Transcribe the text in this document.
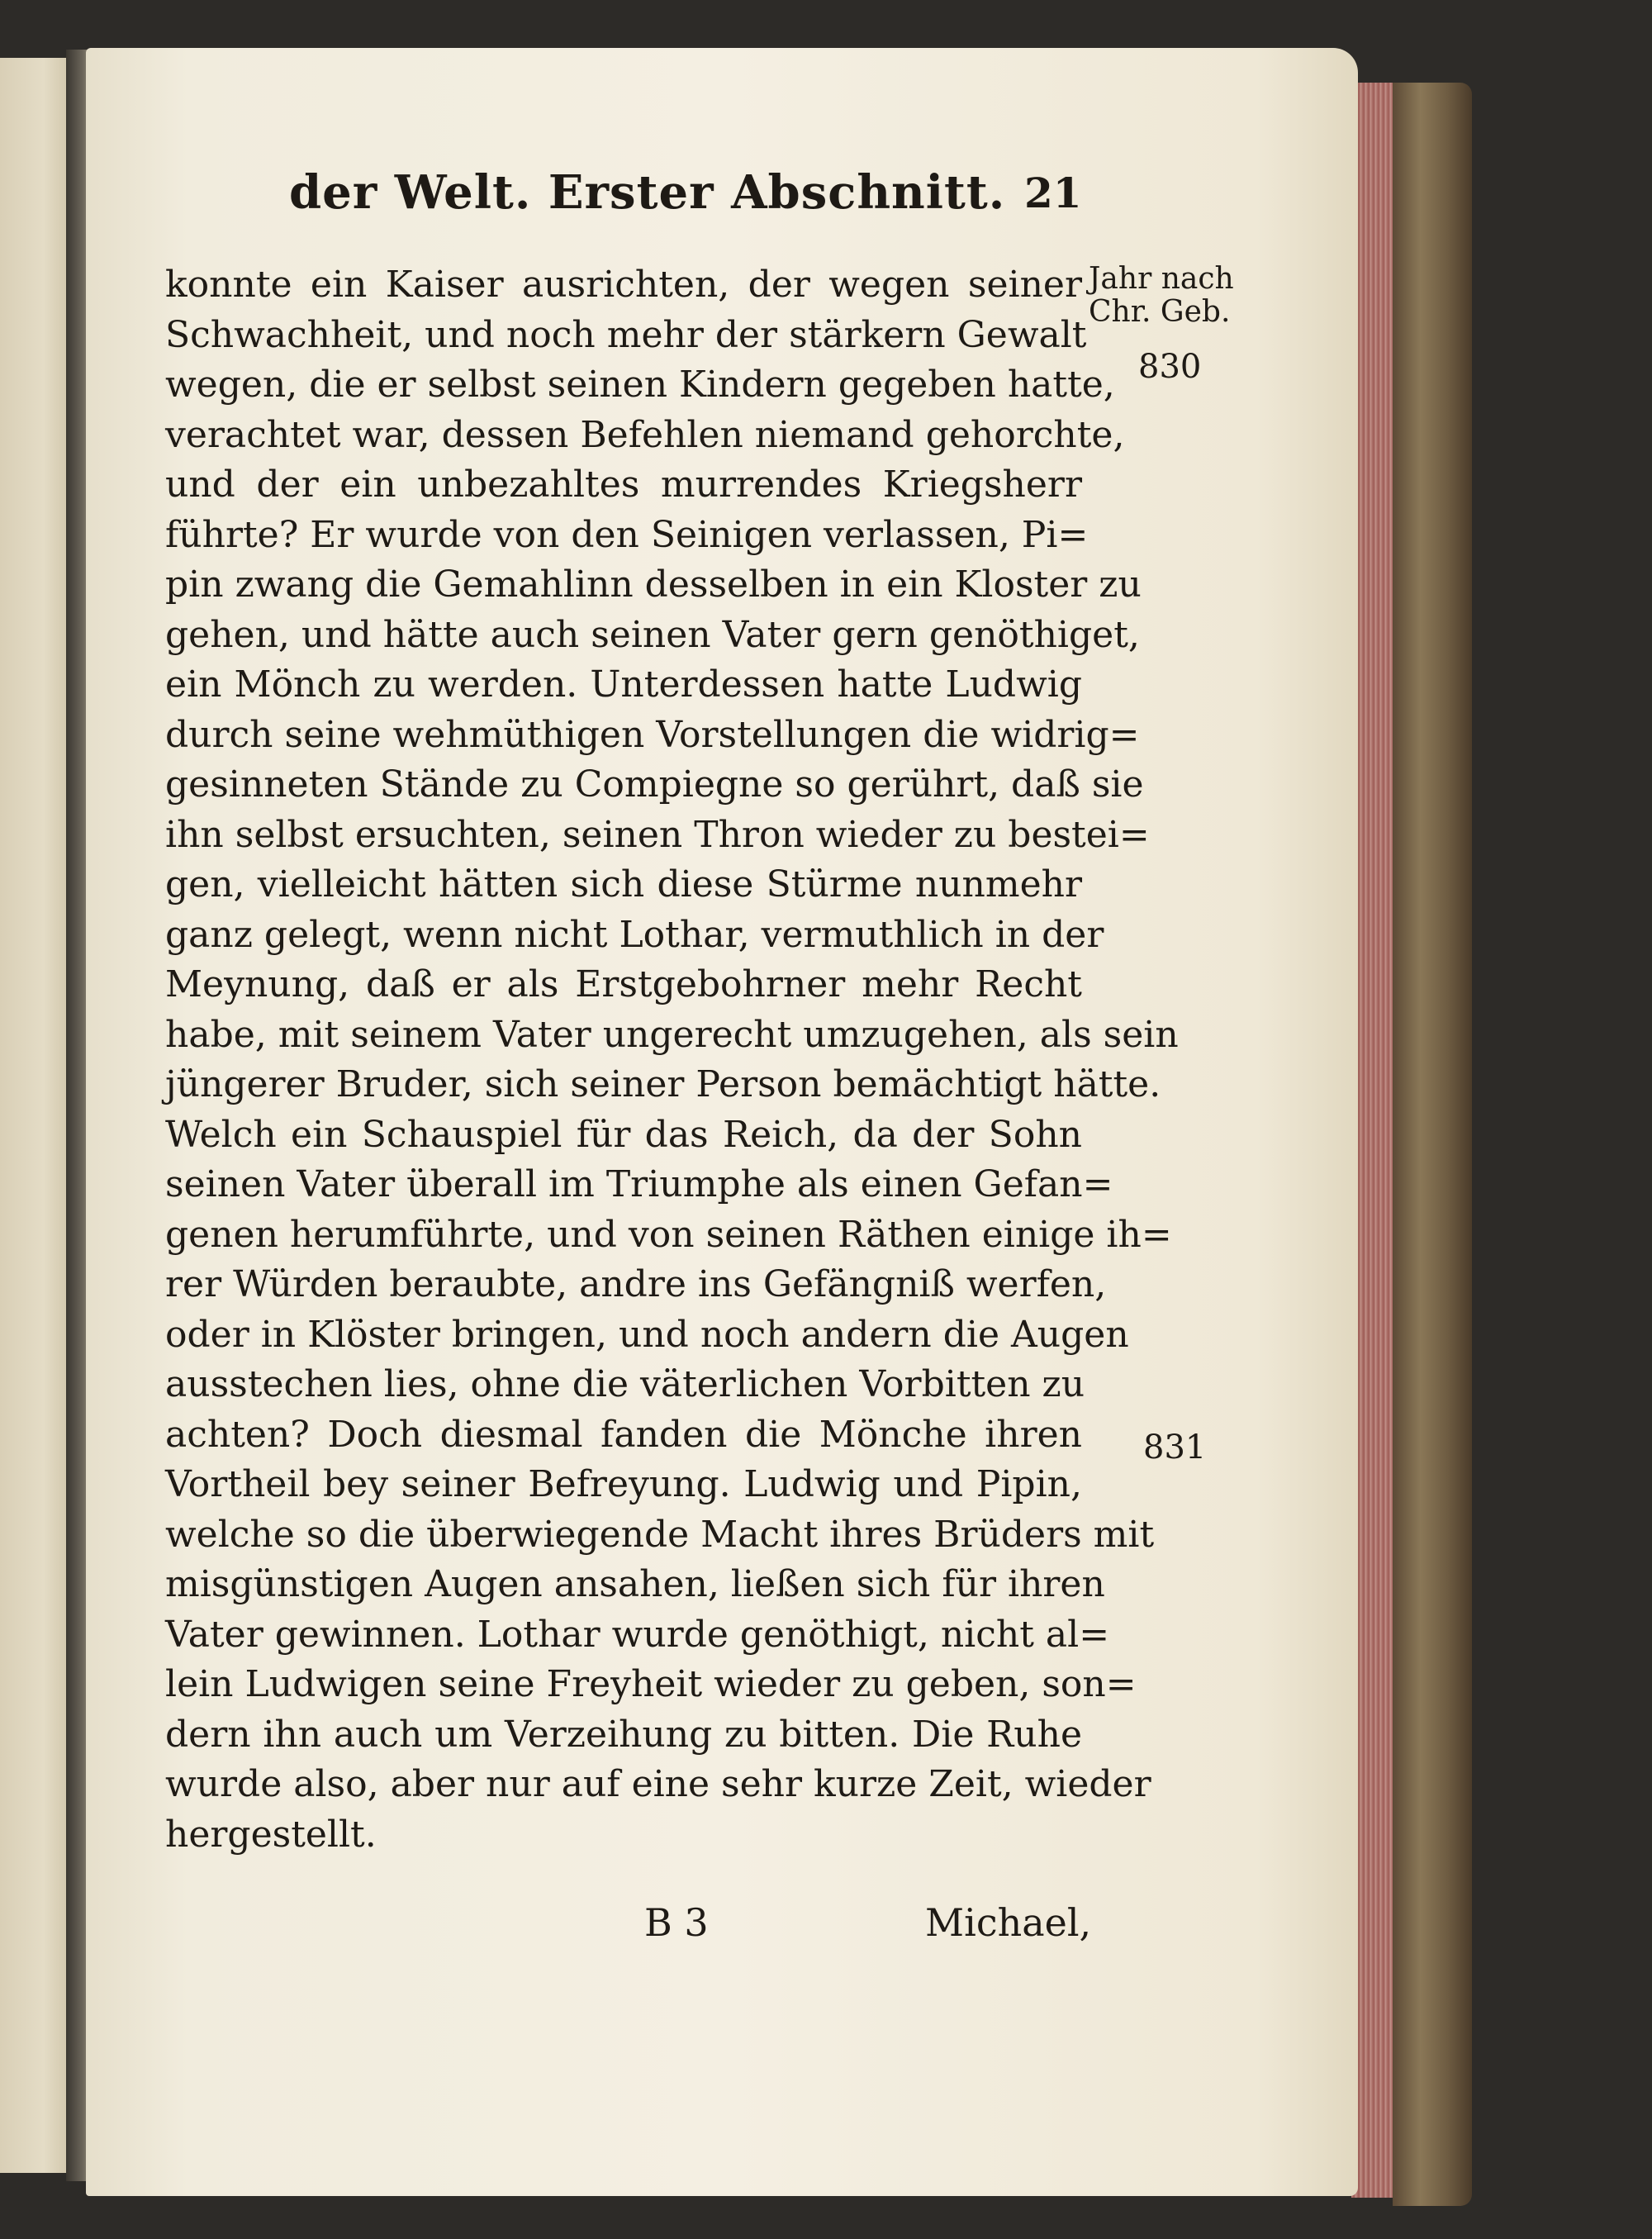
der Welt. Erster Abschnitt. 21
Jahr nach
Chr. Geb.
830
831
konnte ein Kaiser ausrichten, der wegen seiner
Schwachheit, und noch mehr der stärkern Gewalt
wegen, die er selbst seinen Kindern gegeben hatte,
verachtet war, dessen Befehlen niemand gehorchte,
und der ein unbezahltes murrendes Kriegsherr
führte? Er wurde von den Seinigen verlassen, Pi=
pin zwang die Gemahlinn desselben in ein Kloster zu
gehen, und hätte auch seinen Vater gern genöthiget,
ein Mönch zu werden. Unterdessen hatte Ludwig
durch seine wehmüthigen Vorstellungen die widrig=
gesinneten Stände zu Compiegne so gerührt, daß sie
ihn selbst ersuchten, seinen Thron wieder zu bestei=
gen, vielleicht hätten sich diese Stürme nunmehr
ganz gelegt, wenn nicht Lothar, vermuthlich in der
Meynung, daß er als Erstgebohrner mehr Recht
habe, mit seinem Vater ungerecht umzugehen, als sein
jüngerer Bruder, sich seiner Person bemächtigt hätte.
Welch ein Schauspiel für das Reich, da der Sohn
seinen Vater überall im Triumphe als einen Gefan=
genen herumführte, und von seinen Räthen einige ih=
rer Würden beraubte, andre ins Gefängniß werfen,
oder in Klöster bringen, und noch andern die Augen
ausstechen lies, ohne die väterlichen Vorbitten zu
achten? Doch diesmal fanden die Mönche ihren
Vortheil bey seiner Befreyung. Ludwig und Pipin,
welche so die überwiegende Macht ihres Brüders mit
misgünstigen Augen ansahen, ließen sich für ihren
Vater gewinnen. Lothar wurde genöthigt, nicht al=
lein Ludwigen seine Freyheit wieder zu geben, son=
dern ihn auch um Verzeihung zu bitten. Die Ruhe
wurde also, aber nur auf eine sehr kurze Zeit, wieder
hergestellt.
B 3	Michael,
